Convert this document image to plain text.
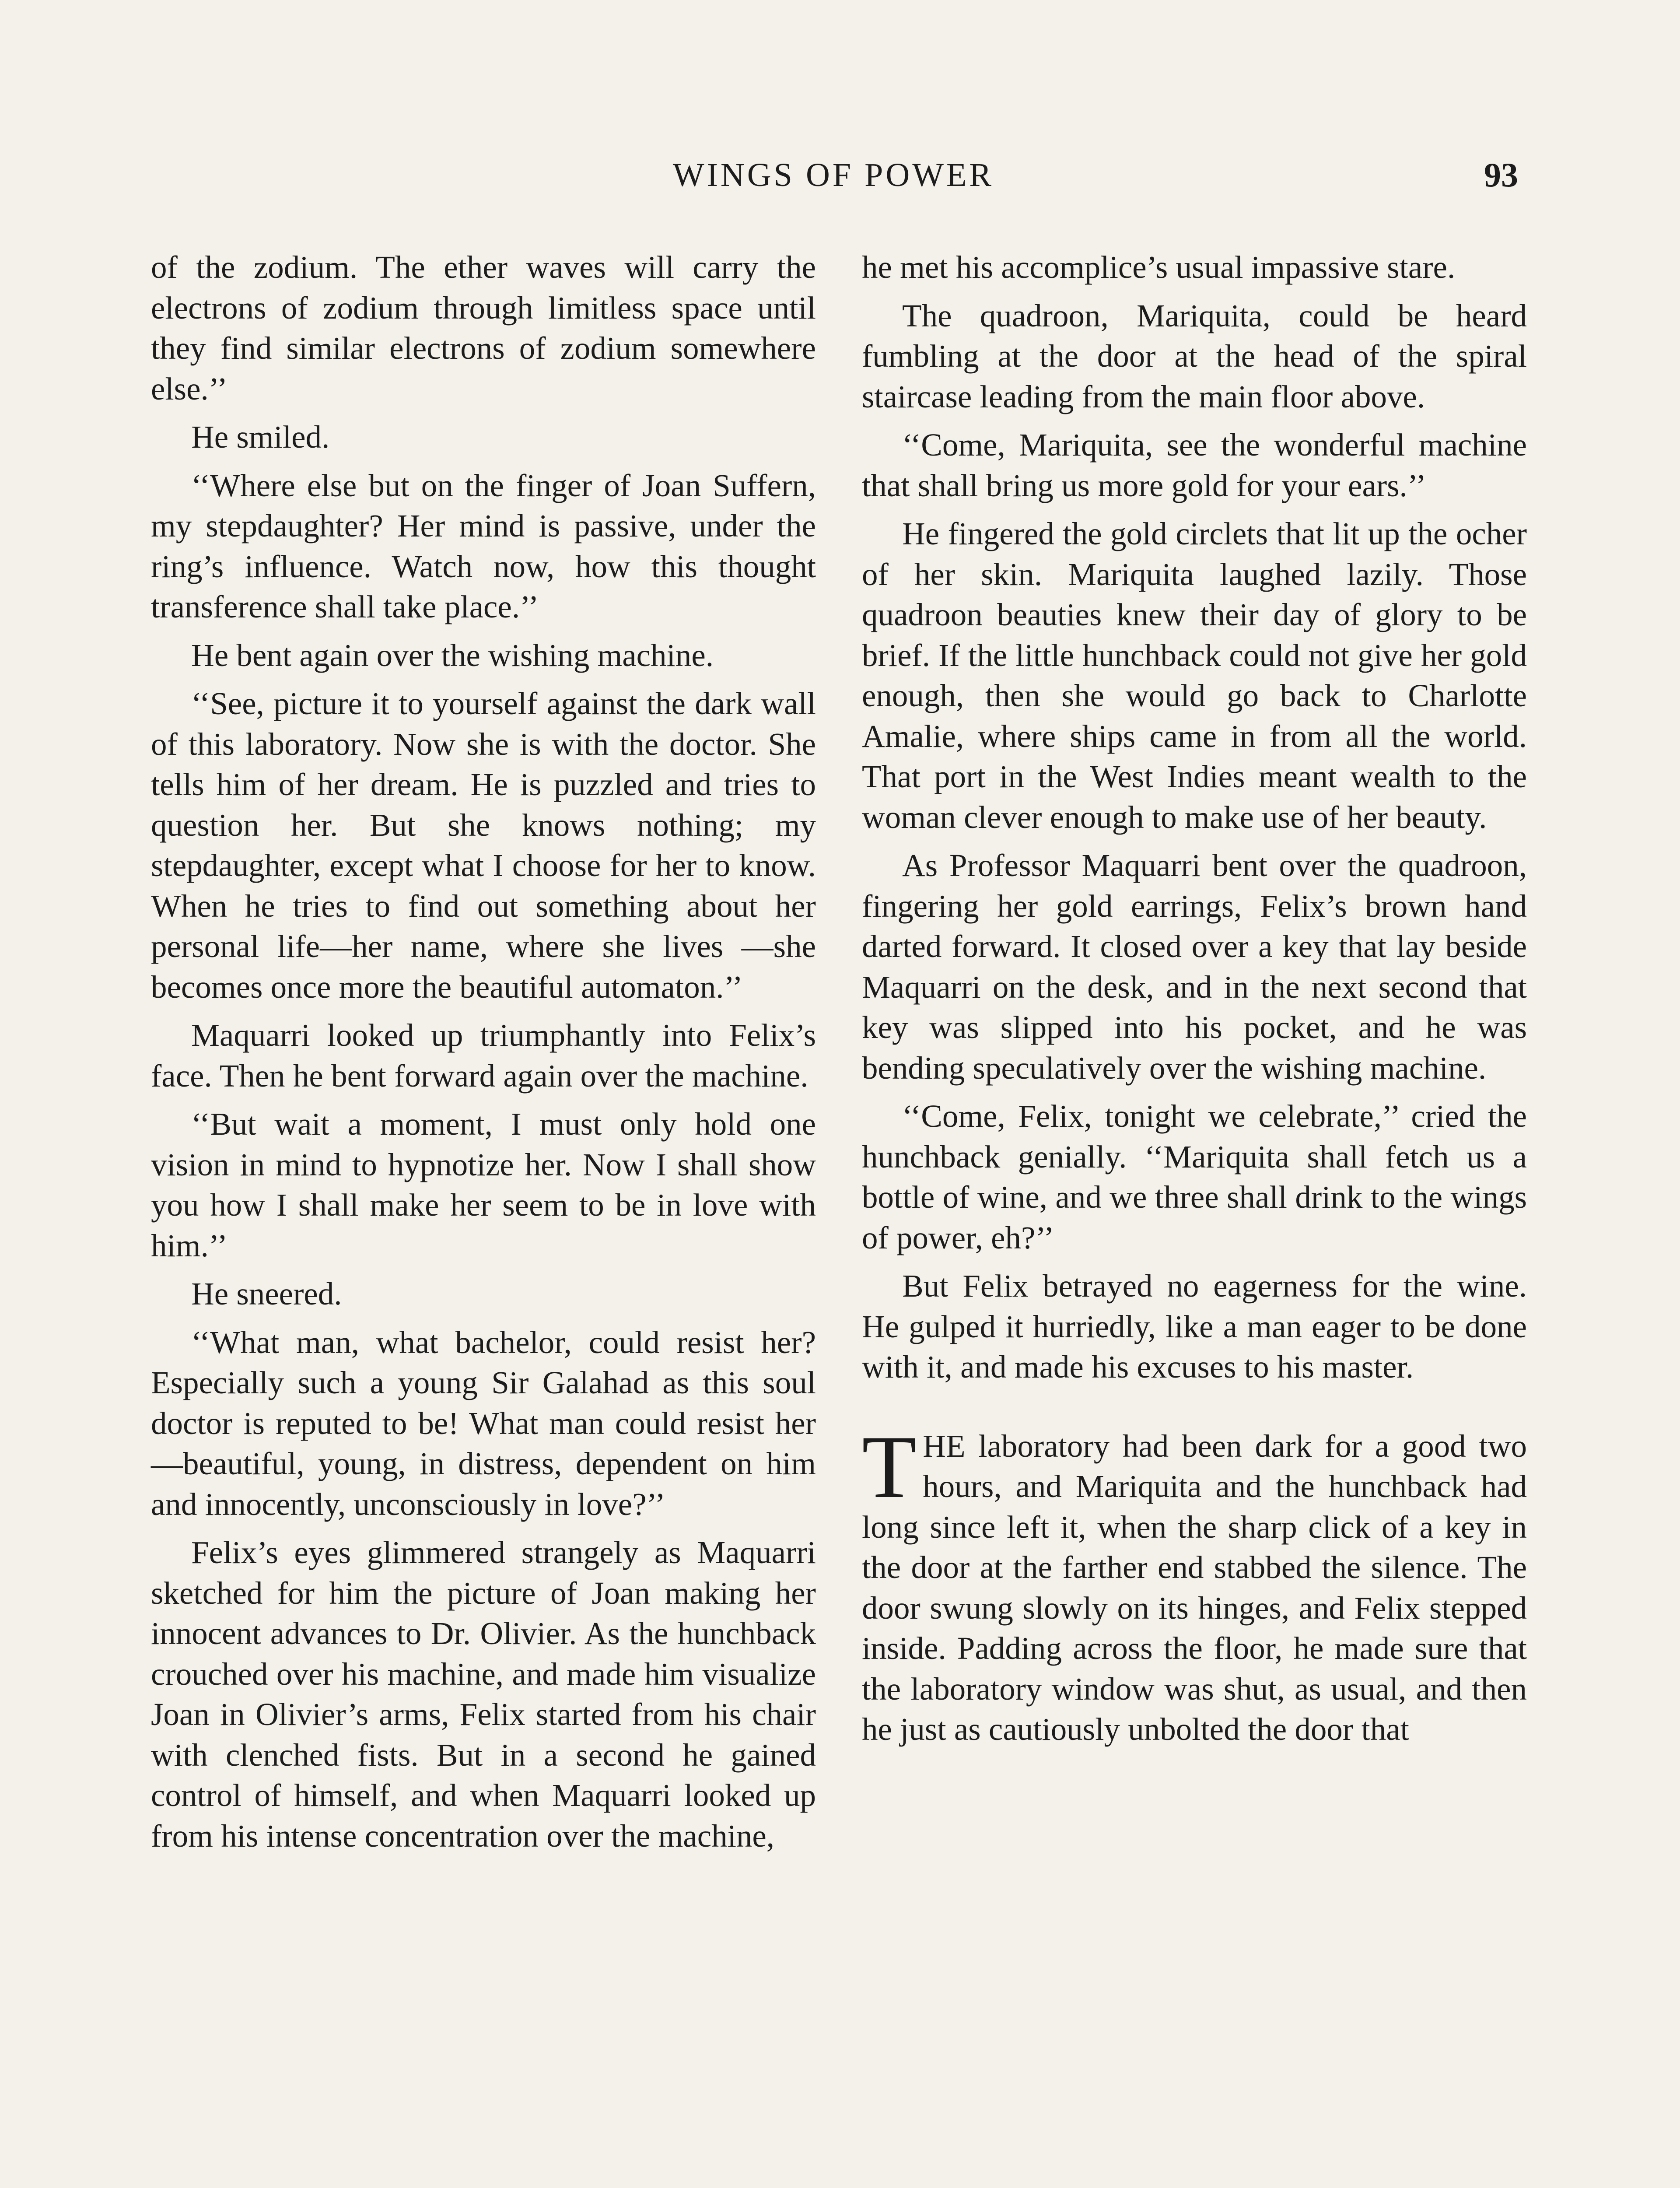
WINGS OF POWER	93

of the zodium. The ether waves will carry the electrons of zodium through limitless space until they find similar electrons of zodium somewhere else.’’

He smiled.

‘‘Where else but on the finger of Joan Suffern, my stepdaughter? Her mind is passive, under the ring’s influence. Watch now, how this thought transference shall take place.’’

He bent again over the wishing machine.

‘‘See, picture it to yourself against the dark wall of this laboratory. Now she is with the doctor. She tells him of her dream. He is puzzled and tries to question her. But she knows nothing; my stepdaughter, except what I choose for her to know. When he tries to find out something about her personal life—her name, where she lives —she becomes once more the beautiful automaton.’’

Maquarri looked up triumphantly into Felix’s face. Then he bent forward again over the machine.

‘‘But wait a moment, I must only hold one vision in mind to hypnotize her. Now I shall show you how I shall make her seem to be in love with him.’’

He sneered.

‘‘What man, what bachelor, could resist her? Especially such a young Sir Galahad as this soul doctor is reputed to be! What man could resist her—beautiful, young, in distress, dependent on him and innocently, unconsciously in love?’’

Felix’s eyes glimmered strangely as Maquarri sketched for him the picture of Joan making her innocent advances to Dr. Olivier. As the hunchback crouched over his machine, and made him visualize Joan in Olivier’s arms, Felix started from his chair with clenched fists. But in a second he gained control of himself, and when Maquarri looked up from his intense concentration over the machine,

he met his accomplice’s usual impassive stare.

The quadroon, Mariquita, could be heard fumbling at the door at the head of the spiral staircase leading from the main floor above.

‘‘Come, Mariquita, see the wonderful machine that shall bring us more gold for your ears.’’

He fingered the gold circlets that lit up the ocher of her skin. Mariquita laughed lazily. Those quadroon beauties knew their day of glory to be brief. If the little hunchback could not give her gold enough, then she would go back to Charlotte Amalie, where ships came in from all the world. That port in the West Indies meant wealth to the woman clever enough to make use of her beauty.

As Professor Maquarri bent over the quadroon, fingering her gold earrings, Felix’s brown hand darted forward. It closed over a key that lay beside Maquarri on the desk, and in the next second that key was slipped into his pocket, and he was bending speculatively over the wishing machine.

‘‘Come, Felix, tonight we celebrate,’’ cried the hunchback genially. ‘‘Mariquita shall fetch us a bottle of wine, and we three shall drink to the wings of power, eh?’’

But Felix betrayed no eagerness for the wine. He gulped it hurriedly, like a man eager to be done with it, and made his excuses to his master.

THE laboratory had been dark for a good two hours, and Mariquita and the hunchback had long since left it, when the sharp click of a key in the door at the farther end stabbed the silence. The door swung slowly on its hinges, and Felix stepped inside. Padding across the floor, he made sure that the laboratory window was shut, as usual, and then he just as cautiously unbolted the door that
